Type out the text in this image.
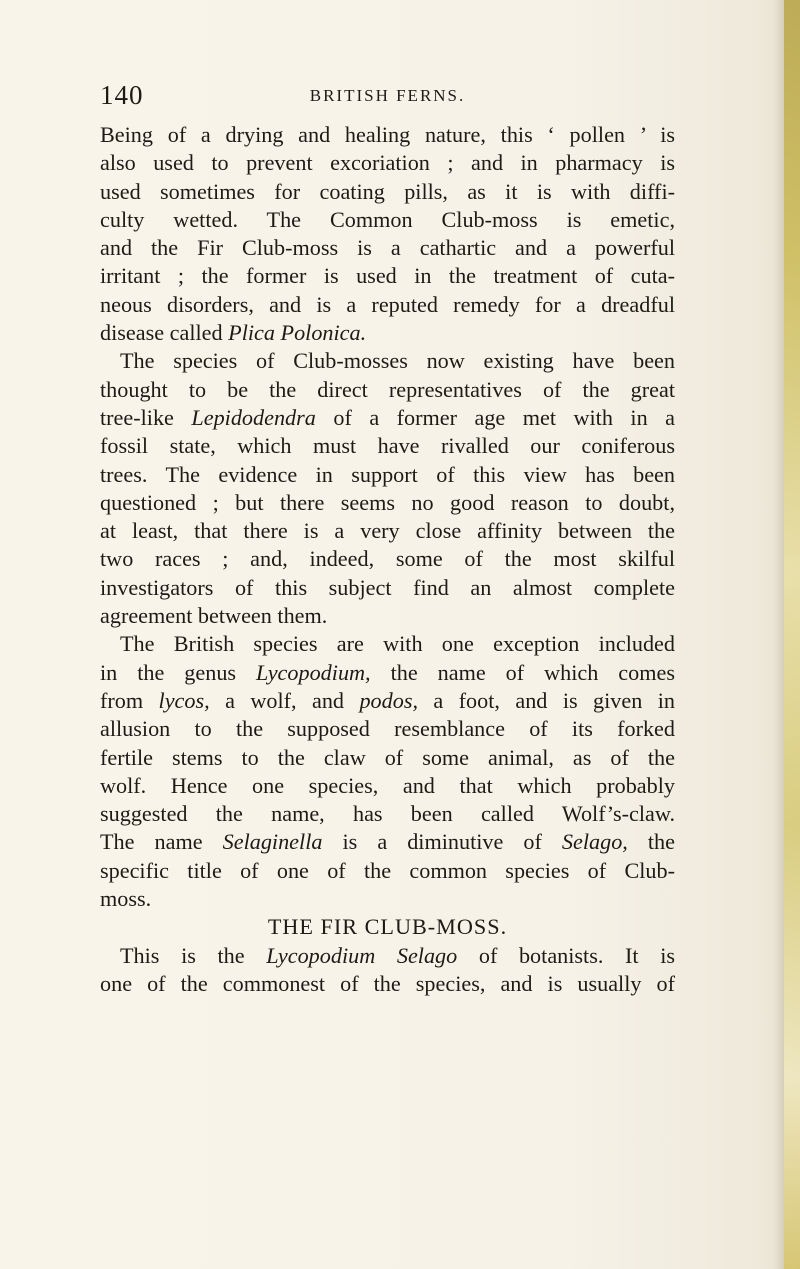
140	BRITISH FERNS.
Being of a drying and healing nature, this ‘ pollen ’ is
also used to prevent excoriation ; and in pharmacy is
used sometimes for coating pills, as it is with diffi-
culty wetted. The Common Club-moss is emetic,
and the Fir Club-moss is a cathartic and a powerful
irritant ; the former is used in the treatment of cuta-
neous disorders, and is a reputed remedy for a dreadful
disease called Plica Polonica.
The species of Club-mosses now existing have been
thought to be the direct representatives of the great
tree-like Lepidodendra of a former age met with in a
fossil state, which must have rivalled our coniferous
trees. The evidence in support of this view has been
questioned ; but there seems no good reason to doubt,
at least, that there is a very close affinity between the
two races ; and, indeed, some of the most skilful
investigators of this subject find an almost complete
agreement between them.
The British species are with one exception included
in the genus Lycopodium, the name of which comes
from lycos, a wolf, and podos, a foot, and is given in
allusion to the supposed resemblance of its forked
fertile stems to the claw of some animal, as of the
wolf. Hence one species, and that which probably
suggested the name, has been called Wolf’s-claw.
The name Selaginella is a diminutive of Selago, the
specific title of one of the common species of Club-
moss.
THE FIR CLUB-MOSS.
This is the Lycopodium Selago of botanists. It is
one of the commonest of the species, and is usually of
